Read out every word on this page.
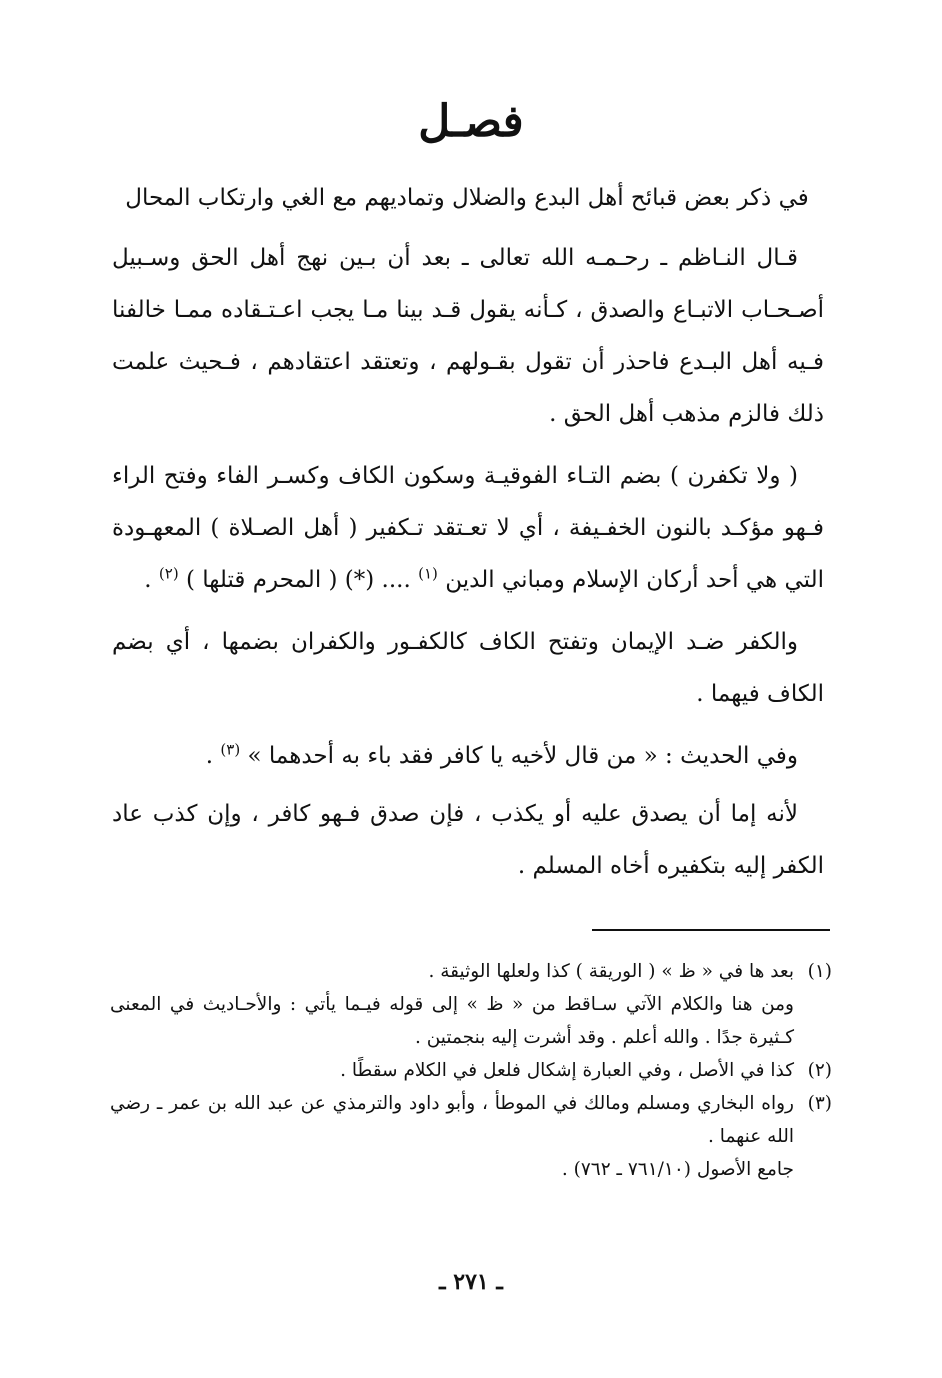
فصـل
في ذكر بعض قبائح أهل البدع والضلال وتماديهم مع الغي وارتكاب المحال

قـال النـاظم ـ رحـمـه الله تعالى ـ بعد أن بـين نهج أهل الحق وسـبيل أصـحـاب الاتبـاع والصدق ، كـأنه يقول قـد بينا مـا يجب اعـتـقاده ممـا خالفنا فـيه أهل البـدع فاحذر أن تقول بقـولهم ، وتعتقد اعتقادهم ، فـحيث علمت ذلك فالزم مذهب أهل الحق .

( ولا تكفرن ) بضم التـاء الفوقيـة وسكون الكاف وكسـر الفاء وفتح الراء فـهو مؤكـد بالنون الخفـيفة ، أي لا تعـتقد تـكفير ( أهل الصـلاة ) المعهـودة التي هي أحد أركان الإسلام ومباني الدين $^{(١)}$ .... (*) ( المحرم قتلها ) $^{(٢)}$ .

والكفر ضـد الإيمان وتفتح الكاف كالكفـور والكفران بضمها ، أي بضم الكاف فيهما .

وفي الحديث : « من قال لأخيه يا كافر فقد باء به أحدهما » $^{(٣)}$ .

لأنه إما أن يصدق عليه أو يكذب ، فإن صدق فـهو كافر ، وإن كذب عاد الكفر إليه بتكفيره أخاه المسلم .

(١)
بعد ها في « ظ » ( الوريقة ) كذا ولعلها الوثيقة .

ومن هنا والكلام الآتي سـاقط من « ظ » إلى قوله فيـما يأتي : والأحـاديث في المعنى كـثيرة جدًا . والله أعلم . وقد أشرت إليه بنجمتين .

(٢)
كذا في الأصل ، وفي العبارة إشكال فلعل في الكلام سقطًا .
(٣)
رواه البخاري ومسلم ومالك في الموطأ ، وأبو داود والترمذي عن عبد الله بن عمر ـ رضي الله عنهما .

جامع الأصول (٧٦١/١٠ ـ ٧٦٢) .

ـ ٢٧١ ـ
